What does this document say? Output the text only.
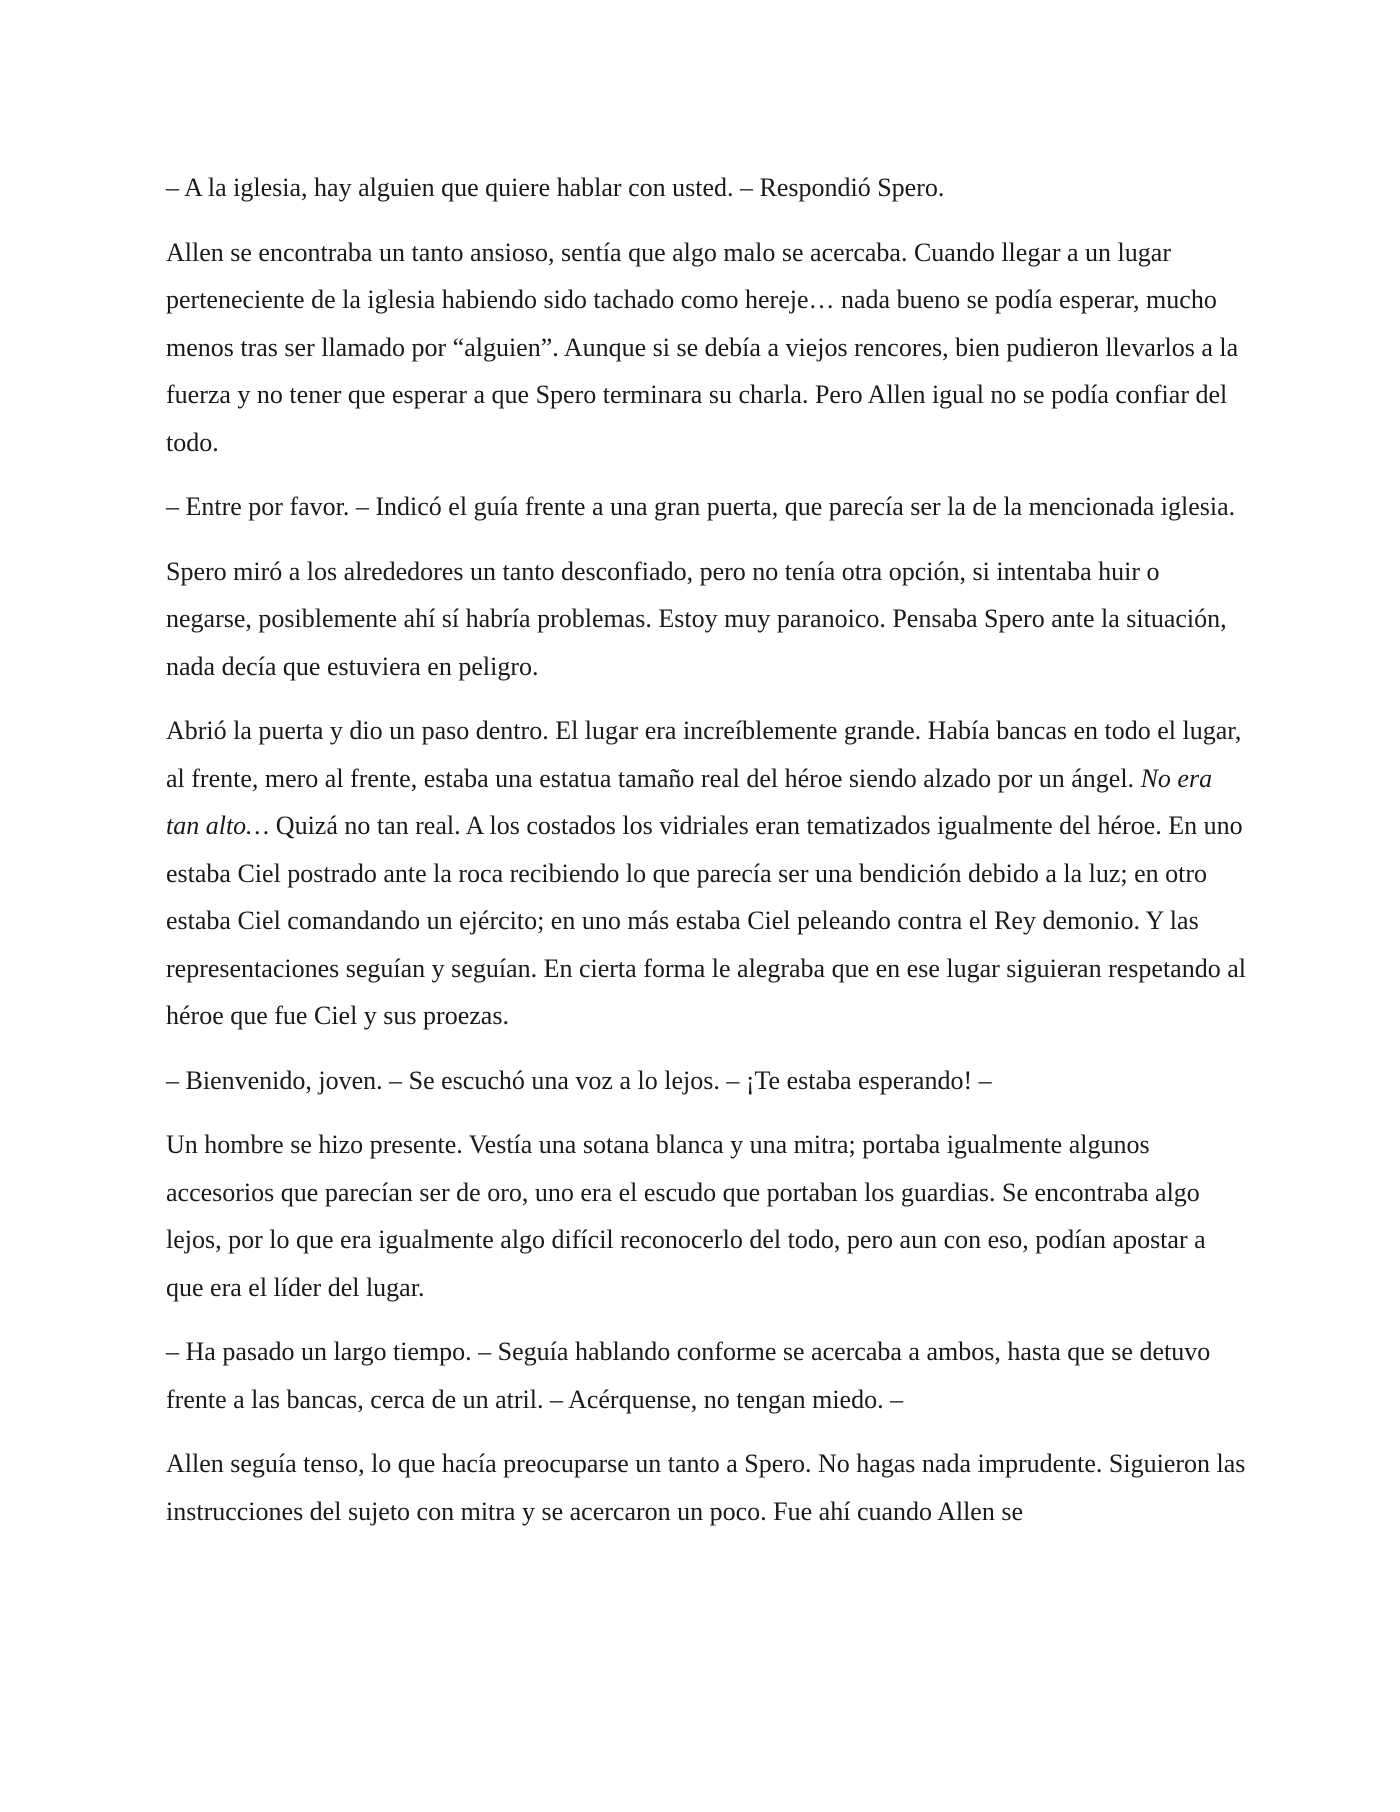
– A la iglesia, hay alguien que quiere hablar con usted. – Respondió Spero.

Allen se encontraba un tanto ansioso, sentía que algo malo se acercaba. Cuando llegar a un lugar perteneciente de la iglesia habiendo sido tachado como hereje… nada bueno se podía esperar, mucho menos tras ser llamado por “alguien”. Aunque si se debía a viejos rencores, bien pudieron llevarlos a la fuerza y no tener que esperar a que Spero terminara su charla. Pero Allen igual no se podía confiar del todo.

– Entre por favor. – Indicó el guía frente a una gran puerta, que parecía ser la de la mencionada iglesia.

Spero miró a los alrededores un tanto desconfiado, pero no tenía otra opción, si intentaba huir o negarse, posiblemente ahí sí habría problemas. Estoy muy paranoico. Pensaba Spero ante la situación, nada decía que estuviera en peligro.

Abrió la puerta y dio un paso dentro. El lugar era increíblemente grande. Había bancas en todo el lugar, al frente, mero al frente, estaba una estatua tamaño real del héroe siendo alzado por un ángel. No era tan alto… Quizá no tan real. A los costados los vidriales eran tematizados igualmente del héroe. En uno estaba Ciel postrado ante la roca recibiendo lo que parecía ser una bendición debido a la luz; en otro estaba Ciel comandando un ejército; en uno más estaba Ciel peleando contra el Rey demonio. Y las representaciones seguían y seguían. En cierta forma le alegraba que en ese lugar siguieran respetando al héroe que fue Ciel y sus proezas.

– Bienvenido, joven. – Se escuchó una voz a lo lejos. – ¡Te estaba esperando! –

Un hombre se hizo presente. Vestía una sotana blanca y una mitra; portaba igualmente algunos accesorios que parecían ser de oro, uno era el escudo que portaban los guardias. Se encontraba algo lejos, por lo que era igualmente algo difícil reconocerlo del todo, pero aun con eso, podían apostar a que era el líder del lugar.

– Ha pasado un largo tiempo. – Seguía hablando conforme se acercaba a ambos, hasta que se detuvo frente a las bancas, cerca de un atril. – Acérquense, no tengan miedo. –

Allen seguía tenso, lo que hacía preocuparse un tanto a Spero. No hagas nada imprudente. Siguieron las instrucciones del sujeto con mitra y se acercaron un poco. Fue ahí cuando Allen se
